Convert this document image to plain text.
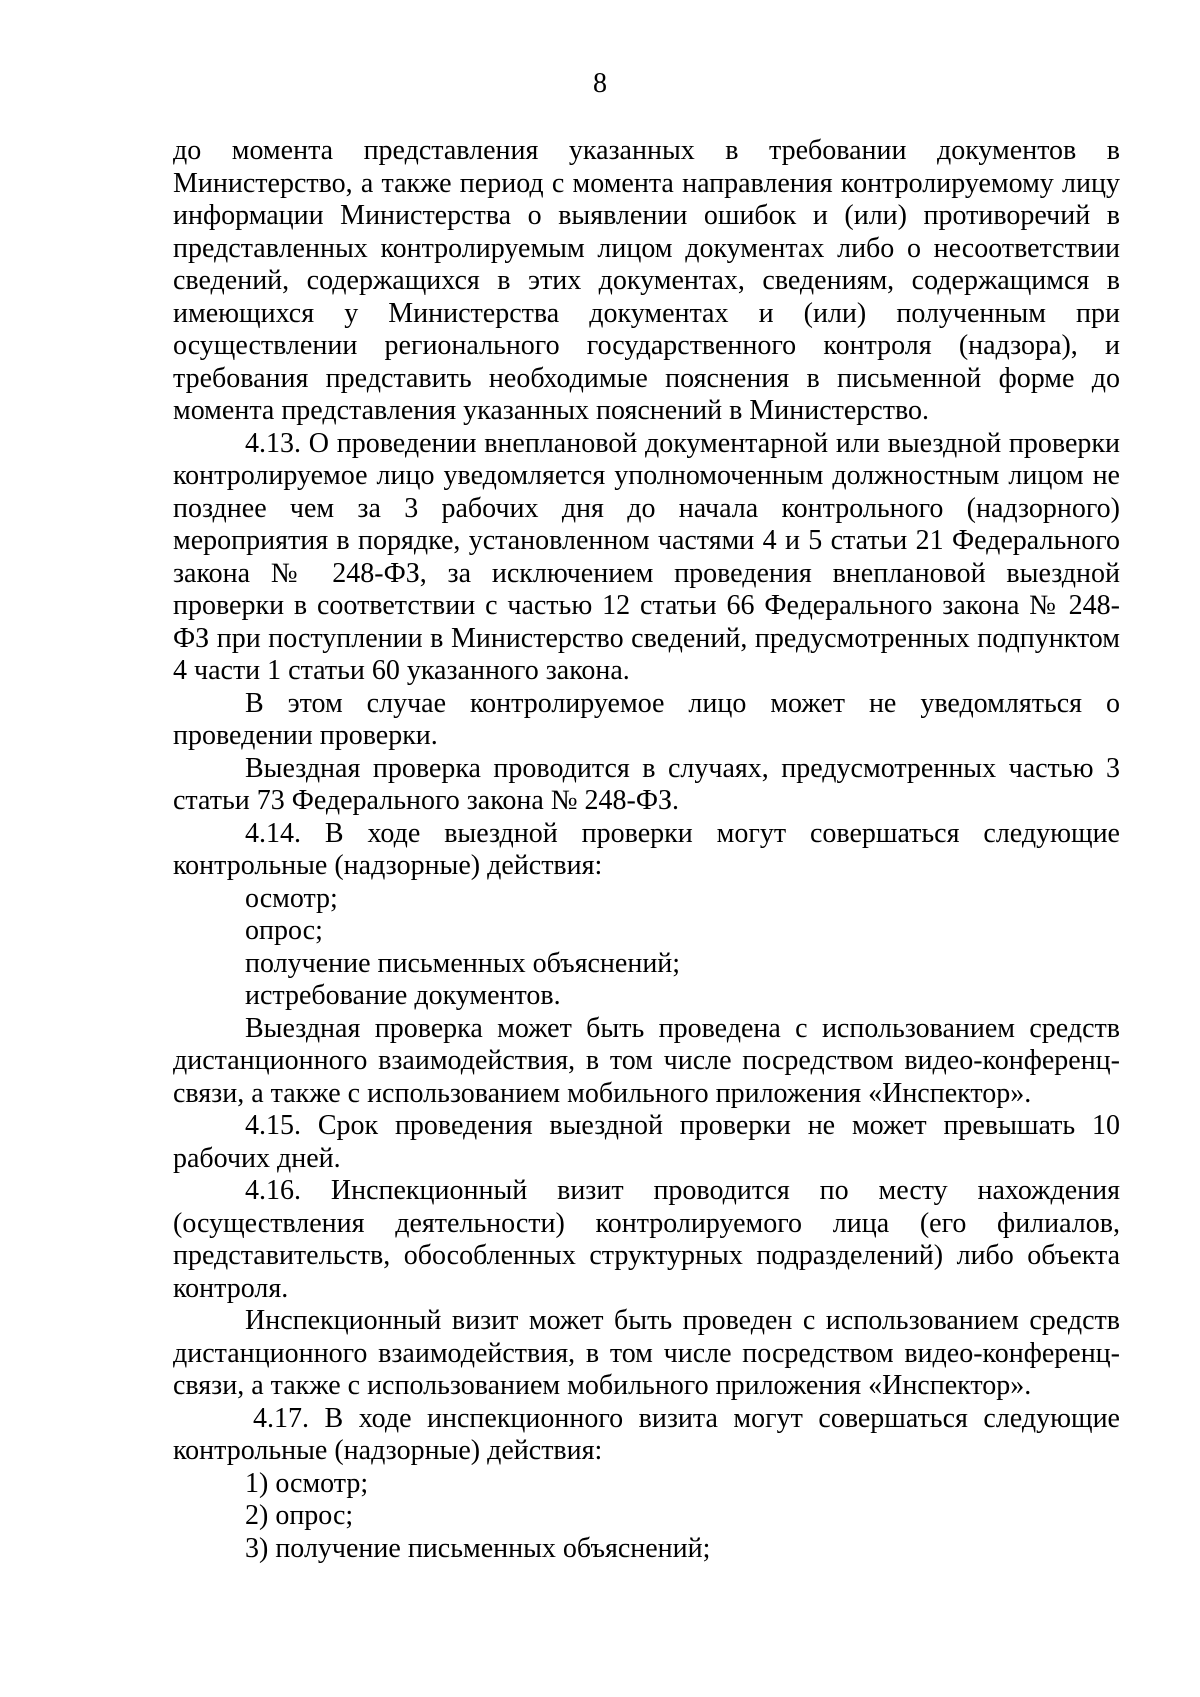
8

до момента представления указанных в требовании документов в Министерство, а также период с момента направления контролируемому лицу информации Министерства о выявлении ошибок и (или) противоречий в представленных контролируемым лицом документах либо о несоответствии сведений, содержащихся в этих документах, сведениям, содержащимся в имеющихся у Министерства документах и (или) полученным при осуществлении регионального государственного контроля (надзора), и требования представить необходимые пояснения в письменной форме до момента представления указанных пояснений в Министерство.

4.13. О проведении внеплановой документарной или выездной проверки контролируемое лицо уведомляется уполномоченным должностным лицом не позднее чем за 3 рабочих дня до начала контрольного (надзорного) мероприятия в порядке, установленном частями 4 и 5 статьи 21 Федерального закона № 248-ФЗ, за исключением проведения внеплановой выездной проверки в соответствии с частью 12 статьи 66 Федерального закона № 248-ФЗ при поступлении в Министерство сведений, предусмотренных подпунктом 4 части 1 статьи 60 указанного закона.

В этом случае контролируемое лицо может не уведомляться о проведении проверки.

Выездная проверка проводится в случаях, предусмотренных частью 3 статьи 73 Федерального закона № 248-ФЗ.

4.14. В ходе выездной проверки могут совершаться следующие контрольные (надзорные) действия:

осмотр;

опрос;

получение письменных объяснений;

истребование документов.

Выездная проверка может быть проведена с использованием средств дистанционного взаимодействия, в том числе посредством видео-конференц-связи, а также с использованием мобильного приложения «Инспектор».

4.15. Срок проведения выездной проверки не может превышать 10 рабочих дней.

4.16. Инспекционный визит проводится по месту нахождения (осуществления деятельности) контролируемого лица (его филиалов, представительств, обособленных структурных подразделений) либо объекта контроля.

Инспекционный визит может быть проведен с использованием средств дистанционного взаимодействия, в том числе посредством видео-конференц-связи, а также с использованием мобильного приложения «Инспектор».

4.17. В ходе инспекционного визита могут совершаться следующие контрольные (надзорные) действия:

1) осмотр;

2) опрос;

3) получение письменных объяснений;
